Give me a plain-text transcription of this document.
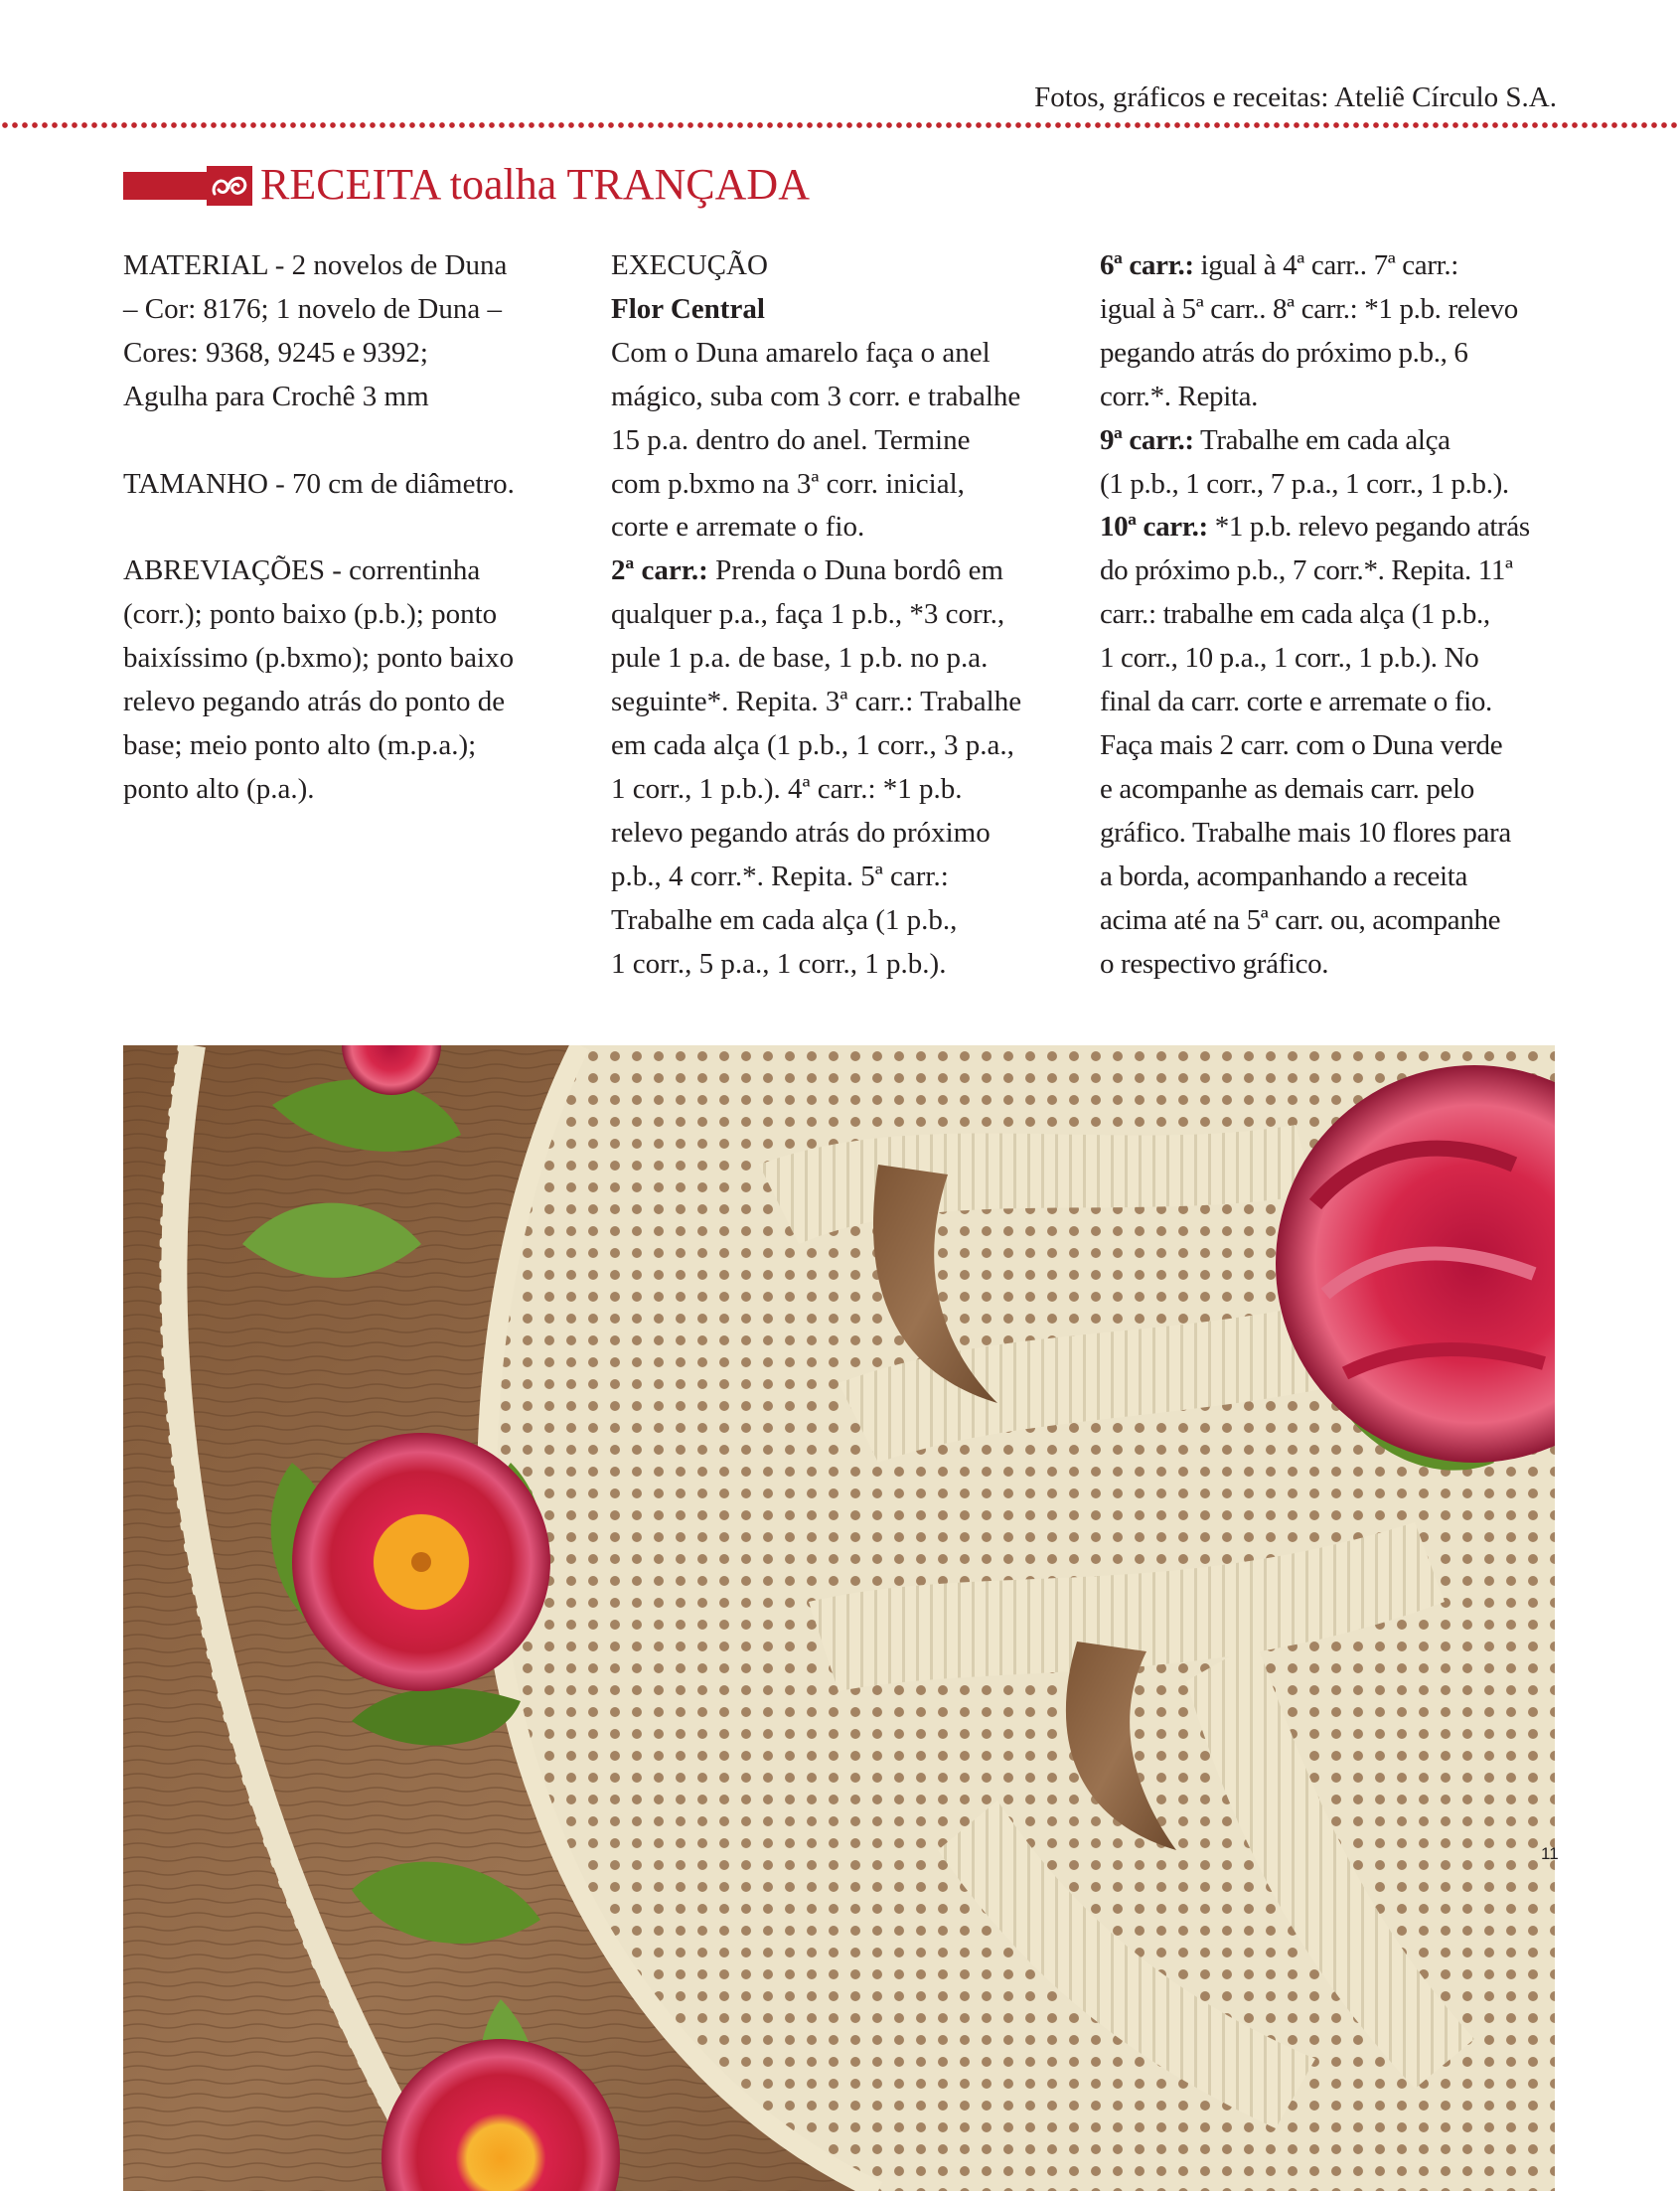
Fotos, gráficos e receitas: Ateliê Círculo S.A.
RECEITA toalha TRANÇADA

MATERIAL - 2 novelos de Duna
– Cor: 8176; 1 novelo de Duna –
Cores: 9368, 9245 e 9392;
Agulha para Crochê 3 mm

TAMANHO - 70 cm de diâmetro.

ABREVIAÇÕES - correntinha
(corr.); ponto baixo (p.b.); ponto
baixíssimo (p.bxmo); ponto baixo
relevo pegando atrás do ponto de
base; meio ponto alto (m.p.a.);
ponto alto (p.a.).

EXECUÇÃO
Flor Central
Com o Duna amarelo faça o anel
mágico, suba com 3 corr. e trabalhe
15 p.a. dentro do anel. Termine
com p.bxmo na 3ª corr. inicial,
corte e arremate o fio.
2ª carr.: Prenda o Duna bordô em
qualquer p.a., faça 1 p.b., *3 corr.,
pule 1 p.a. de base, 1 p.b. no p.a.
seguinte*. Repita. 3ª carr.: Trabalhe
em cada alça (1 p.b., 1 corr., 3 p.a.,
1 corr., 1 p.b.). 4ª carr.: *1 p.b.
relevo pegando atrás do próximo
p.b., 4 corr.*. Repita. 5ª carr.:
Trabalhe em cada alça (1 p.b.,
1 corr., 5 p.a., 1 corr., 1 p.b.).
6ª carr.: igual à 4ª carr.. 7ª carr.:
igual à 5ª carr.. 8ª carr.: *1 p.b. relevo
pegando atrás do próximo p.b., 6
corr.*. Repita.
9ª carr.: Trabalhe em cada alça
(1 p.b., 1 corr., 7 p.a., 1 corr., 1 p.b.).
10ª carr.: *1 p.b. relevo pegando atrás
do próximo p.b., 7 corr.*. Repita. 11ª
carr.: trabalhe em cada alça (1 p.b.,
1 corr., 10 p.a., 1 corr., 1 p.b.). No
final da carr. corte e arremate o fio.
Faça mais 2 carr. com o Duna verde
e acompanhe as demais carr. pelo
gráfico. Trabalhe mais 10 flores para
a borda, acompanhando a receita
acima até na 5ª carr. ou, acompanhe
o respectivo gráfico.
11
